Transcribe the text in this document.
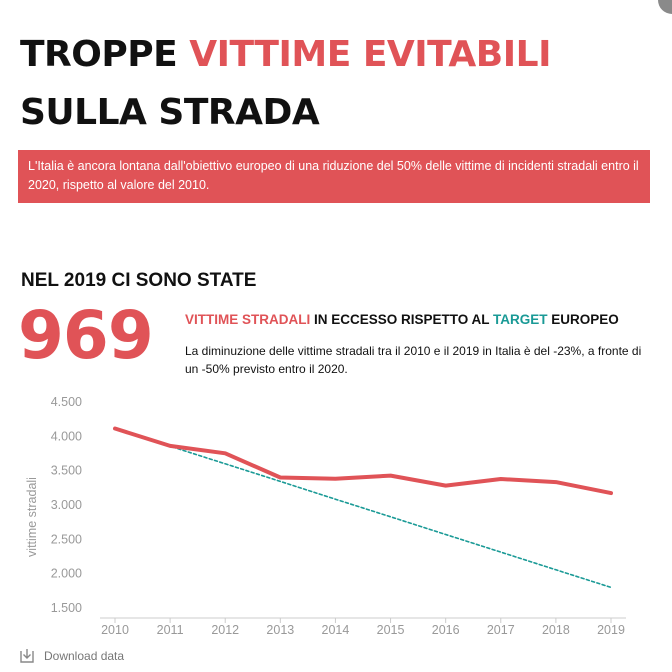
TROPPE VITTIME EVITABILI
SULLA STRADA
L'Italia è ancora lontana dall'obiettivo europeo di una riduzione del 50% delle vittime di incidenti stradali entro il 2020, rispetto al valore del 2010.
NEL 2019 CI SONO STATE
969 VITTIME STRADALI IN ECCESSO RISPETTO AL TARGET EUROPEO
La diminuzione delle vittime stradali tra il 2010 e il 2019 in Italia è del -23%, a fronte di un -50% previsto entro il 2020.
1.500
2.000
2.500
3.000
3.500
4.000
4.500
vittime stradali
2010 2011 2012 2013 2014 2015 2016 2017 2018 2019
Download data
